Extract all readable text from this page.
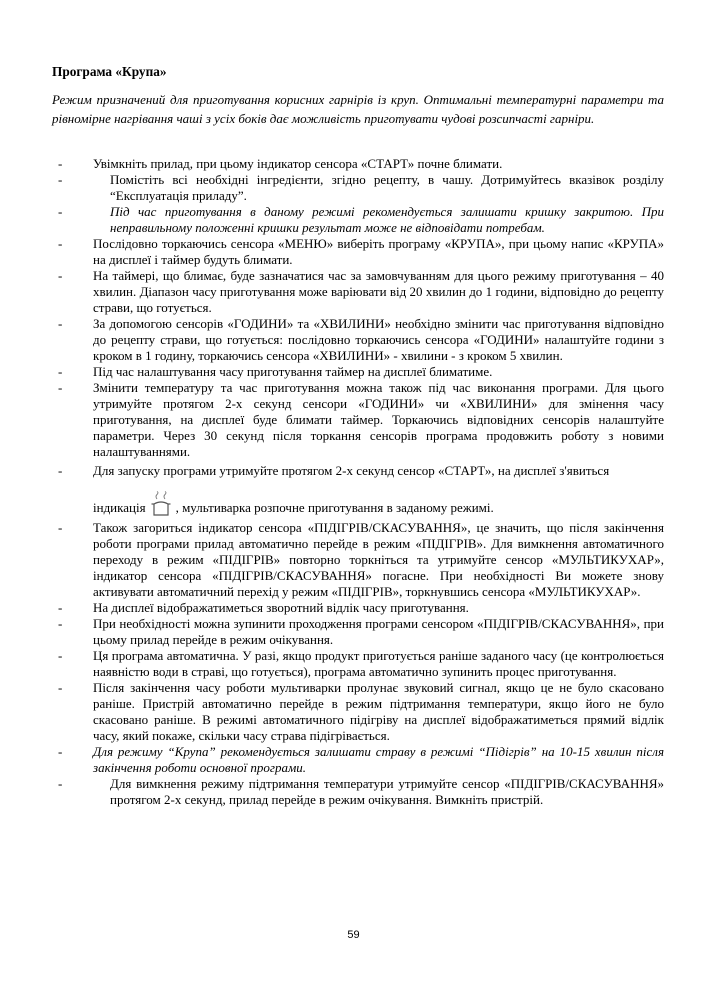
Програма «Крупа»

Режим призначений для приготування корисних гарнірів із круп. Оптимальні температурні параметри та рівномірне нагрівання чаші з усіх боків дає можливість приготувати чудові розсипчасті гарніри.

- Увімкніть прилад, при цьому індикатор сенсора «СТАРТ» почне блимати.
-	Помістіть всі необхідні інгредієнти, згідно рецепту, в чашу. Дотримуйтесь вказівок розділу “Експлуатація приладу”.
-	Під час приготування в даному режимі рекомендується залишати кришку закритою. При неправильному положенні кришки результат може не відповідати потребам.
- Послідовно торкаючись сенсора «МЕНЮ» виберіть програму «КРУПА», при цьому напис «КРУПА» на дисплеї і таймер будуть блимати.
- На таймері, що блимає, буде зазначатися час за замовчуванням для цього режиму приготування – 40 хвилин. Діапазон часу приготування може варіювати від 20 хвилин до 1 години, відповідно до рецепту страви, що готується.
- За допомогою сенсорів «ГОДИНИ» та «ХВИЛИНИ» необхідно змінити час приготування відповідно до рецепту страви, що готується: послідовно торкаючись сенсора «ГОДИНИ» налаштуйте години з кроком в 1 годину, торкаючись сенсора «ХВИЛИНИ» - хвилини - з кроком 5 хвилин.
- Під час налаштування часу приготування таймер на дисплеї блиматиме.
- Змінити температуру та час приготування можна також під час виконання програми. Для цього утримуйте протягом 2-х секунд сенсори «ГОДИНИ» чи «ХВИЛИНИ» для змінення часу приготування, на дисплеї буде блимати таймер. Торкаючись відповідних сенсорів налаштуйте параметри. Через 30 секунд після торкання сенсорів програма продовжить роботу з новими налаштуваннями.
- Для запуску програми утримуйте протягом 2-х секунд сенсор «СТАРТ», на дисплеї з'явиться
індикація , мультиварка розпочне приготування в заданому режимі.
- Також загориться індикатор сенсора «ПІДІГРІВ/СКАСУВАННЯ», це значить, що після закінчення роботи програми прилад автоматично перейде в режим «ПІДІГРІВ». Для вимкнення автоматичного переходу в режим «ПІДІГРІВ» повторно торкніться та утримуйте сенсор «МУЛЬТИКУХАР», індикатор сенсора «ПІДІГРІВ/СКАСУВАННЯ» погасне. При необхідності Ви можете знову активувати автоматичний перехід у режим «ПІДІГРІВ», торкнувшись сенсора «МУЛЬТИКУХАР».
- На дисплеї відображатиметься зворотний відлік часу приготування.
- При необхідності можна зупинити проходження програми сенсором «ПІДІГРІВ/СКАСУВАННЯ», при цьому прилад перейде в режим очікування.
- Ця програма автоматична. У разі, якщо продукт приготується раніше заданого часу (це контролюється наявністю води в страві, що готується), програма автоматично зупинить процес приготування.
- Після закінчення часу роботи мультиварки пролунає звуковий сигнал, якщо це не було скасовано раніше. Пристрій автоматично перейде в режим підтримання температури, якщо його не було скасовано раніше. В режимі автоматичного підігріву на дисплеї відображатиметься прямий відлік часу, який покаже, скільки часу страва підігрівається.
- Для режиму “Крупа” рекомендується залишати страву в режимі “Підігрів” на 10-15 хвилин після закінчення роботи основної програми.
-	Для вимкнення режиму підтримання температури утримуйте сенсор «ПІДІГРІВ/СКАСУВАННЯ» протягом 2-х секунд, прилад перейде в режим очікування. Вимкніть пристрій.

59
